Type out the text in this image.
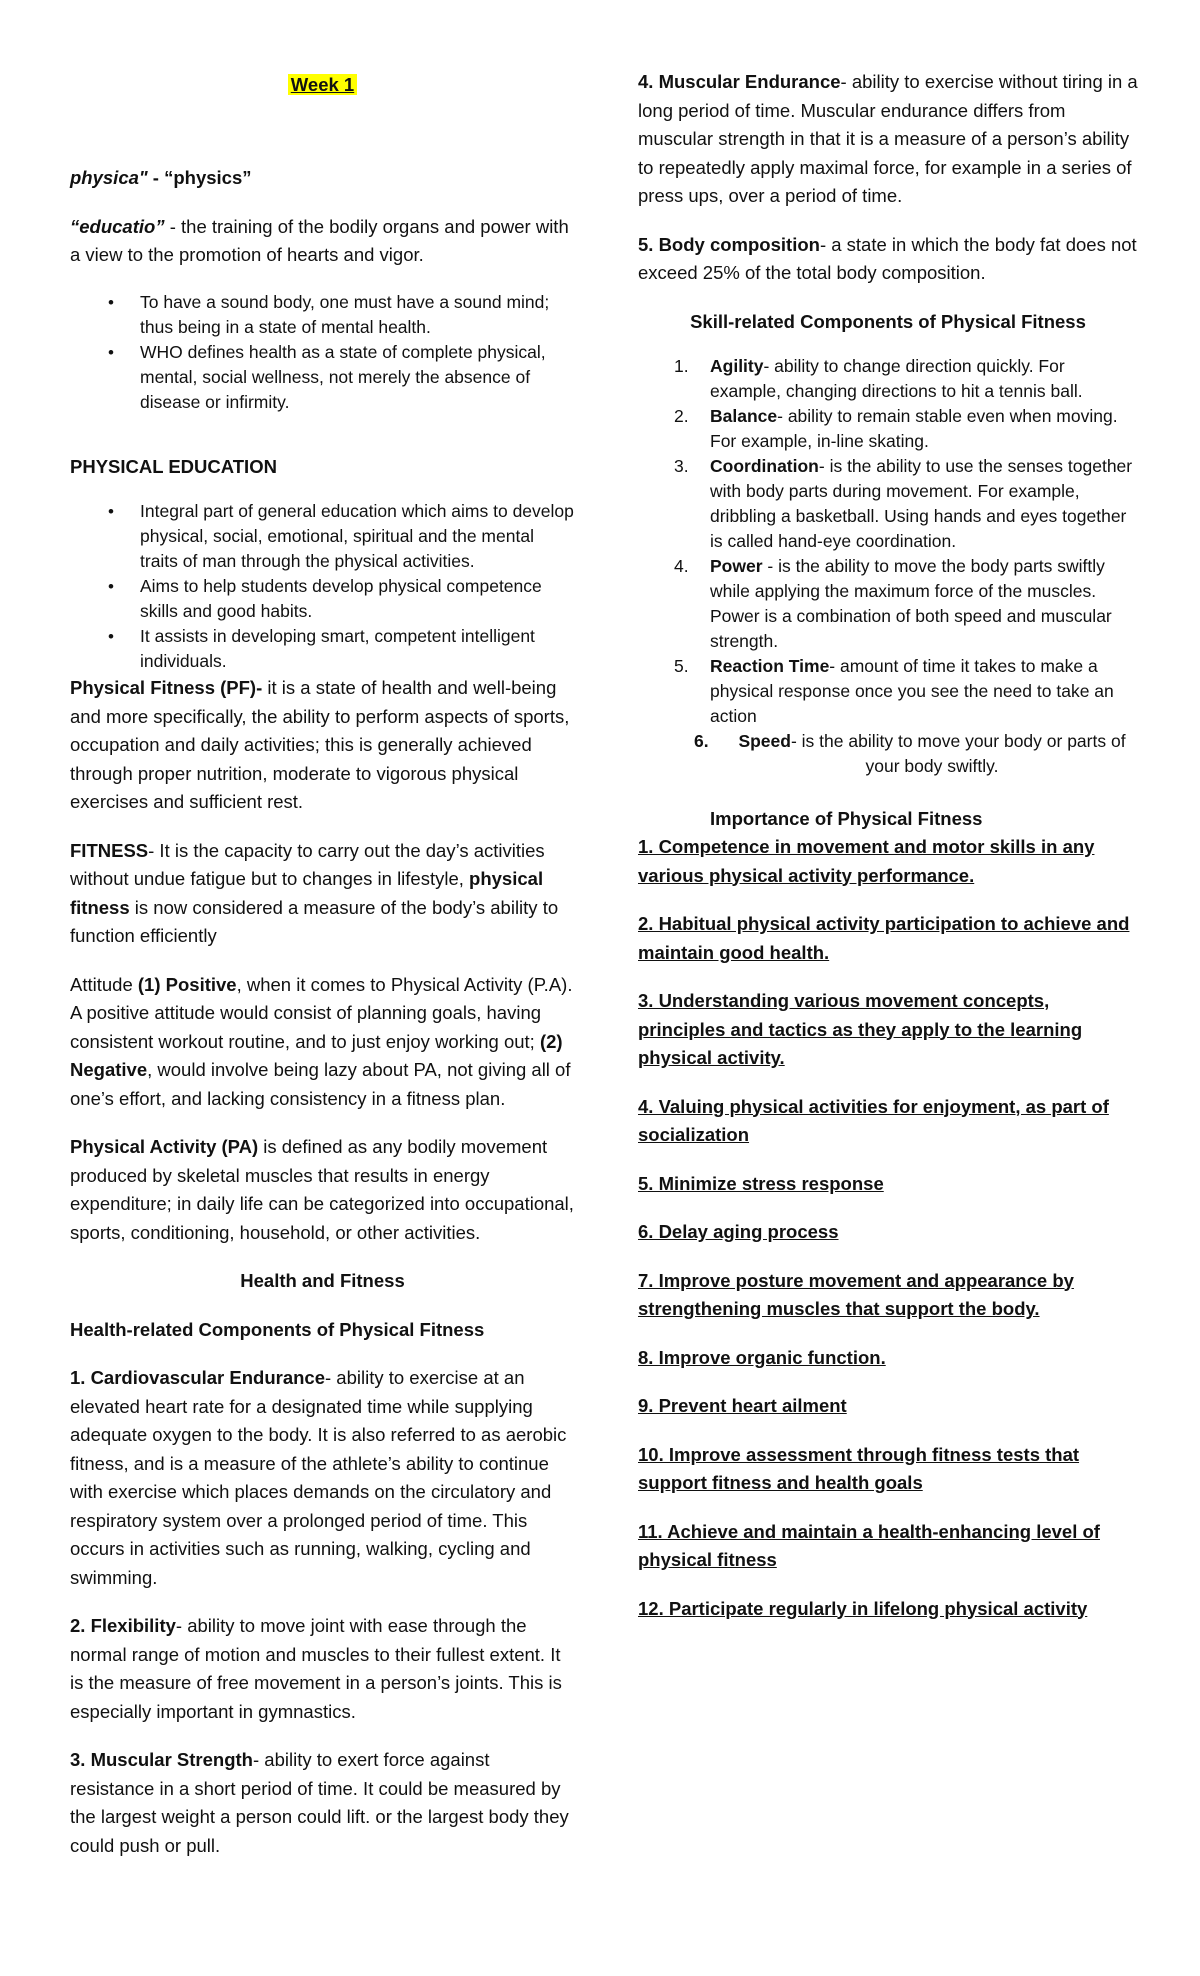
Week 1

physica" - “physics”

“educatio” - the training of the bodily organs and power with a view to the promotion of hearts and vigor.

• To have a sound body, one must have a sound mind; thus being in a state of mental health.
• WHO defines health as a state of complete physical, mental, social wellness, not merely the absence of disease or infirmity.

PHYSICAL EDUCATION

• Integral part of general education which aims to develop physical, social, emotional, spiritual and the mental traits of man through the physical activities.
• Aims to help students develop physical competence skills and good habits.
• It assists in developing smart, competent intelligent individuals.

Physical Fitness (PF)- it is a state of health and well-being and more specifically, the ability to perform aspects of sports, occupation and daily activities; this is generally achieved through proper nutrition, moderate to vigorous physical exercises and sufficient rest.

FITNESS- It is the capacity to carry out the day’s activities without undue fatigue but to changes in lifestyle, physical fitness is now considered a measure of the body’s ability to function efficiently

Attitude (1) Positive, when it comes to Physical Activity (P.A). A positive attitude would consist of planning goals, having consistent workout routine, and to just enjoy working out; (2) Negative, would involve being lazy about PA, not giving all of one’s effort, and lacking consistency in a fitness plan.

Physical Activity (PA) is defined as any bodily movement produced by skeletal muscles that results in energy expenditure; in daily life can be categorized into occupational, sports, conditioning, household, or other activities.

Health and Fitness

Health-related Components of Physical Fitness

1. Cardiovascular Endurance- ability to exercise at an elevated heart rate for a designated time while supplying adequate oxygen to the body. It is also referred to as aerobic fitness, and is a measure of the athlete’s ability to continue with exercise which places demands on the circulatory and respiratory system over a prolonged period of time. This occurs in activities such as running, walking, cycling and swimming.

2. Flexibility- ability to move joint with ease through the normal range of motion and muscles to their fullest extent. It is the measure of free movement in a person’s joints. This is especially important in gymnastics.

3. Muscular Strength- ability to exert force against resistance in a short period of time. It could be measured by the largest weight a person could lift. or the largest body they could push or pull.

4. Muscular Endurance- ability to exercise without tiring in a long period of time. Muscular endurance differs from muscular strength in that it is a measure of a person’s ability to repeatedly apply maximal force, for example in a series of press ups, over a period of time.

5. Body composition- a state in which the body fat does not exceed 25% of the total body composition.

Skill-related Components of Physical Fitness

1. Agility- ability to change direction quickly. For example, changing directions to hit a tennis ball.
2. Balance- ability to remain stable even when moving. For example, in-line skating.
3. Coordination- is the ability to use the senses together with body parts during movement. For example, dribbling a basketball. Using hands and eyes together is called hand-eye coordination.
4. Power - is the ability to move the body parts swiftly while applying the maximum force of the muscles. Power is a combination of both speed and muscular strength.
5. Reaction Time- amount of time it takes to make a physical response once you see the need to take an action
6. Speed- is the ability to move your body or parts of your body swiftly.
Importance of Physical Fitness

1. Competence in movement and motor skills in any various physical activity performance.

2. Habitual physical activity participation to achieve and maintain good health.

3. Understanding various movement concepts, principles and tactics as they apply to the learning physical activity.

4. Valuing physical activities for enjoyment, as part of socialization

5. Minimize stress response

6. Delay aging process

7. Improve posture movement and appearance by strengthening muscles that support the body.

8. Improve organic function.

9. Prevent heart ailment

10. Improve assessment through fitness tests that support fitness and health goals

11. Achieve and maintain a health-enhancing level of physical fitness

12. Participate regularly in lifelong physical activity
